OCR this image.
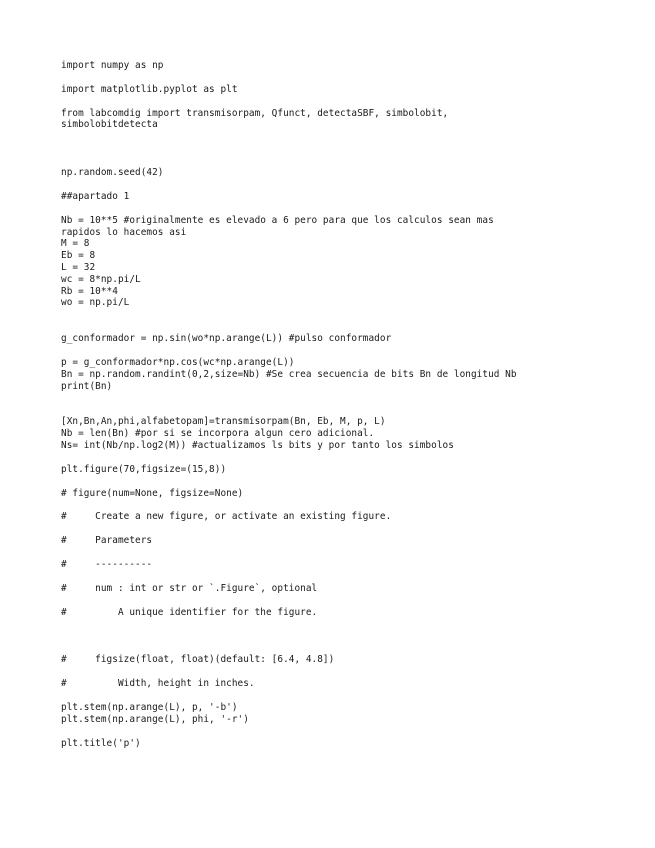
import numpy as np
import matplotlib.pyplot as plt
from labcomdig import transmisorpam, Qfunct, detectaSBF, simbolobit,
simbolobitdetecta
np.random.seed(42)
##apartado 1
Nb = 10**5 #originalmente es elevado a 6 pero para que los calculos sean mas
rapidos lo hacemos asi
M = 8
Eb = 8
L = 32
wc = 8*np.pi/L
Rb = 10**4
wo = np.pi/L
g_conformador = np.sin(wo*np.arange(L)) #pulso conformador
p = g_conformador*np.cos(wc*np.arange(L))
Bn = np.random.randint(0,2,size=Nb) #Se crea secuencia de bits Bn de longitud Nb
print(Bn)
[Xn,Bn,An,phi,alfabetopam]=transmisorpam(Bn, Eb, M, p, L)
Nb = len(Bn) #por si se incorpora algun cero adicional.
Ns= int(Nb/np.log2(M)) #actualizamos ls bits y por tanto los simbolos
plt.figure(70,figsize=(15,8))
# figure(num=None, figsize=None)
#     Create a new figure, or activate an existing figure.
#     Parameters
#     ----------
#     num : int or str or `.Figure`, optional
#         A unique identifier for the figure.
#     figsize(float, float)(default: [6.4, 4.8])
#         Width, height in inches.
plt.stem(np.arange(L), p, '-b')
plt.stem(np.arange(L), phi, '-r')
plt.title('p')
